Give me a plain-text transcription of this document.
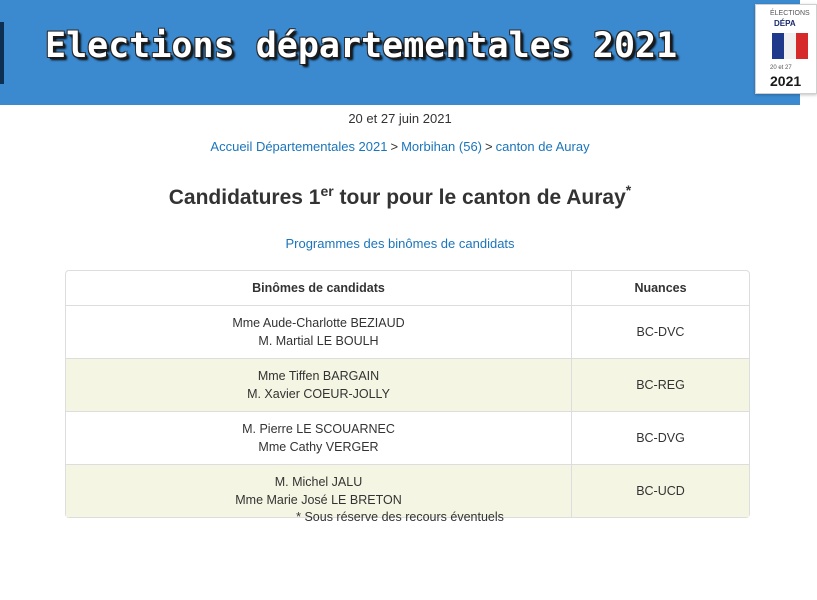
Elections départementales 2021
ÉLECTIONS
DÉPA
20 et 27
2021
20 et 27 juin 2021
Accueil Départementales 2021 > Morbihan (56) > canton de Auray
Candidatures 1er tour pour le canton de Auray*
Programmes des binômes de candidats
Binômes de candidats	Nuances

Mme Aude-Charlotte BEZIAUD
M. Martial LE BOULH	BC-DVC

Mme Tiffen BARGAIN
M. Xavier COEUR-JOLLY	BC-REG

M. Pierre LE SCOUARNEC
Mme Cathy VERGER	BC-DVG

M. Michel JALU
Mme Marie José LE BRETON	BC-UCD
* Sous réserve des recours éventuels
